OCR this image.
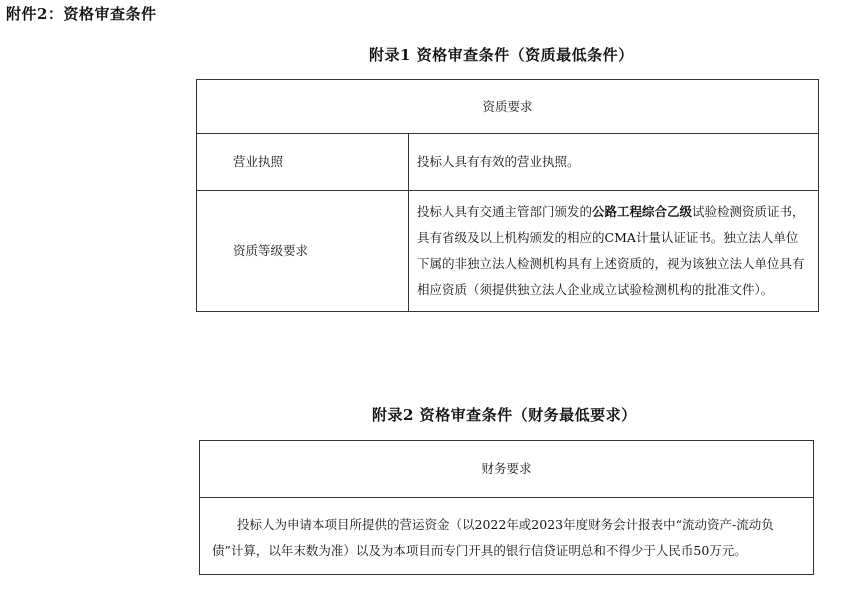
附件2：资格审查条件
附录1 资格审查条件（资质最低条件）
资质要求	
营业执照	投标人具有有效的营业执照。
资质等级要求	投标人具有交通主管部门颁发的公路工程综合乙级试验检测资质证书，具有省级及以上机构颁发的相应的CMA计量认证证书。独立法人单位下属的非独立法人检测机构具有上述资质的，视为该独立法人单位具有相应资质（须提供独立法人企业成立试验检测机构的批准文件）。
附录2 资格审查条件（财务最低要求）
财务要求
投标人为申请本项目所提供的营运资金（以2022年或2023年度财务会计报表中“流动资产-流动负债”计算，以年末数为准）以及为本项目而专门开具的银行信贷证明总和不得少于人民币50万元。
